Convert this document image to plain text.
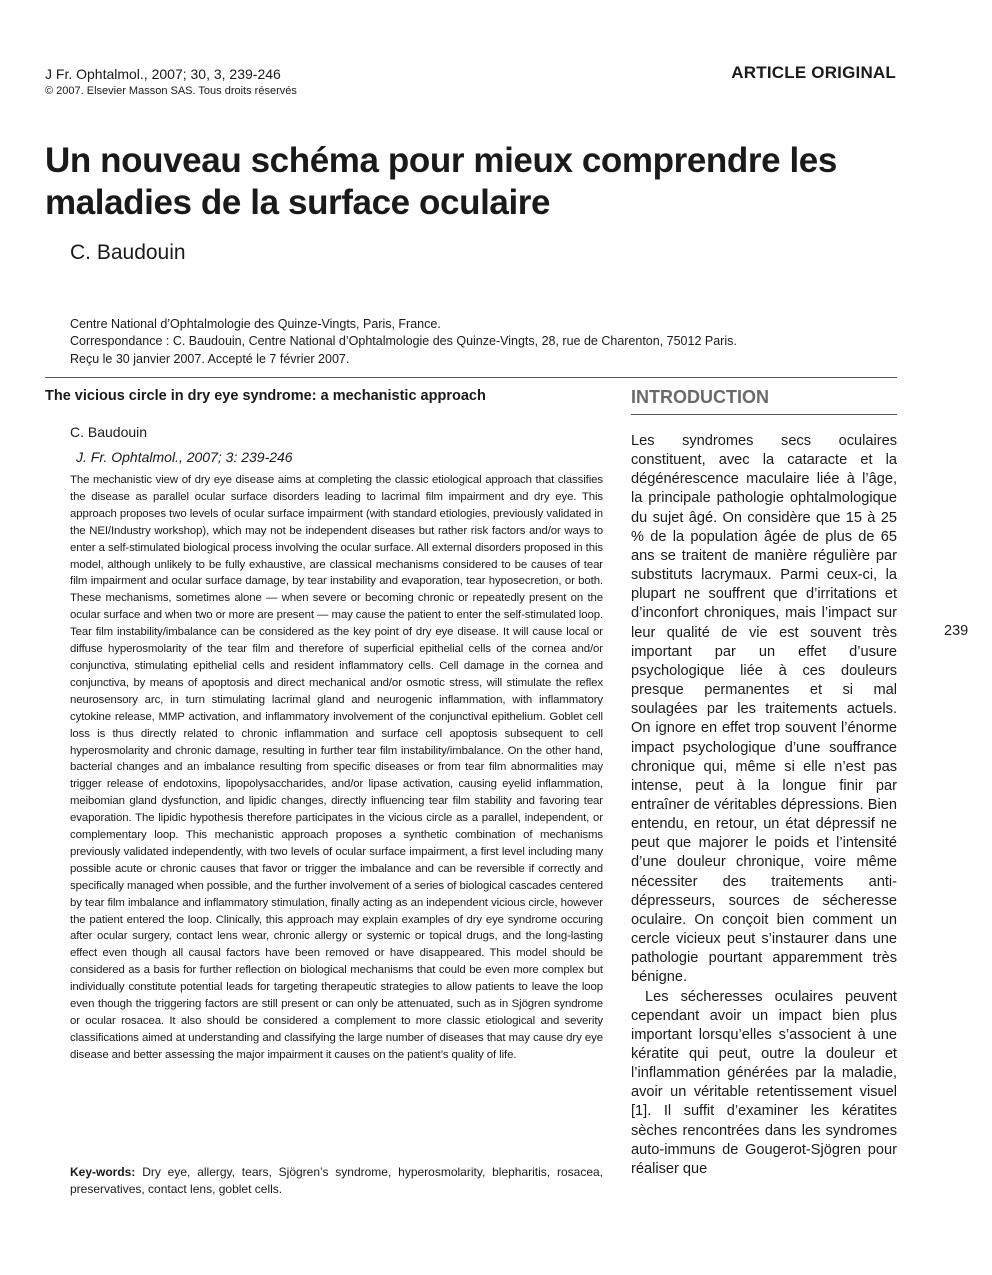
J Fr. Ophtalmol., 2007; 30, 3, 239-246
© 2007. Elsevier Masson SAS. Tous droits réservés
ARTICLE ORIGINAL
Un nouveau schéma pour mieux comprendre les maladies de la surface oculaire
C. Baudouin
Centre National d’Ophtalmologie des Quinze-Vingts, Paris, France.
Correspondance : C. Baudouin, Centre National d’Ophtalmologie des Quinze-Vingts, 28, rue de Charenton, 75012 Paris.
Reçu le 30 janvier 2007. Accepté le 7 février 2007.
The vicious circle in dry eye syndrome: a mechanistic approach
C. Baudouin
J. Fr. Ophtalmol., 2007; 3: 239-246

The mechanistic view of dry eye disease aims at completing the classic etiological approach that classifies the disease as parallel ocular surface disorders leading to lacrimal film impairment and dry eye. This approach proposes two levels of ocular surface impairment (with standard etiologies, previously validated in the NEI/Industry workshop), which may not be independent diseases but rather risk factors and/or ways to enter a self-stimulated biological process involving the ocular surface. All external disorders proposed in this model, although unlikely to be fully exhaustive, are classical mechanisms considered to be causes of tear film impairment and ocular surface damage, by tear instability and evaporation, tear hyposecretion, or both. These mechanisms, sometimes alone — when severe or becoming chronic or repeatedly present on the ocular surface and when two or more are present — may cause the patient to enter the self-stimulated loop. Tear film instability/imbalance can be considered as the key point of dry eye disease. It will cause local or diffuse hyperosmolarity of the tear film and therefore of superficial epithelial cells of the cornea and/or conjunctiva, stimulating epithelial cells and resident inflammatory cells. Cell damage in the cornea and conjunctiva, by means of apoptosis and direct mechanical and/or osmotic stress, will stimulate the reflex neurosensory arc, in turn stimulating lacrimal gland and neurogenic inflammation, with inflammatory cytokine release, MMP activation, and inflammatory involvement of the conjunctival epithelium. Goblet cell loss is thus directly related to chronic inflammation and surface cell apoptosis subsequent to cell hyperosmolarity and chronic damage, resulting in further tear film instability/imbalance. On the other hand, bacterial changes and an imbalance resulting from specific diseases or from tear film abnormalities may trigger release of endotoxins, lipopolysaccharides, and/or lipase activation, causing eyelid inflammation, meibomian gland dysfunction, and lipidic changes, directly influencing tear film stability and favoring tear evaporation. The lipidic hypothesis therefore participates in the vicious circle as a parallel, independent, or complementary loop. This mechanistic approach proposes a synthetic combination of mechanisms previously validated independently, with two levels of ocular surface impairment, a first level including many possible acute or chronic causes that favor or trigger the imbalance and can be reversible if correctly and specifically managed when possible, and the further involvement of a series of biological cascades centered by tear film imbalance and inflammatory stimulation, finally acting as an independent vicious circle, however the patient entered the loop. Clinically, this approach may explain examples of dry eye syndrome occuring after ocular surgery, contact lens wear, chronic allergy or systemic or topical drugs, and the long-lasting effect even though all causal factors have been removed or have disappeared. This model should be considered as a basis for further reflection on biological mechanisms that could be even more complex but individually constitute potential leads for targeting therapeutic strategies to allow patients to leave the loop even though the triggering factors are still present or can only be attenuated, such as in Sjögren syndrome or ocular rosacea. It also should be considered a complement to more classic etiological and severity classifications aimed at understanding and classifying the large number of diseases that may cause dry eye disease and better assessing the major impairment it causes on the patient’s quality of life.

Key-words: Dry eye, allergy, tears, Sjögren’s syndrome, hyperosmolarity, blepharitis, rosacea, preservatives, contact lens, goblet cells.

INTRODUCTION

Les syndromes secs oculaires constituent, avec la cataracte et la dégénérescence maculaire liée à l’âge, la principale pathologie ophtalmologique du sujet âgé. On considère que 15 à 25 % de la population âgée de plus de 65 ans se traitent de manière régulière par substituts lacrymaux. Parmi ceux-ci, la plupart ne souffrent que d’irritations et d’inconfort chroniques, mais l’impact sur leur qualité de vie est souvent très important par un effet d’usure psychologique liée à ces douleurs presque permanentes et si mal soulagées par les traitements actuels. On ignore en effet trop souvent l’énorme impact psychologique d’une souffrance chronique qui, même si elle n’est pas intense, peut à la longue finir par entraîner de véritables dépressions. Bien entendu, en retour, un état dépressif ne peut que majorer le poids et l’intensité d’une douleur chronique, voire même nécessiter des traitements anti-dépresseurs, sources de sécheresse oculaire. On conçoit bien comment un cercle vicieux peut s’instaurer dans une pathologie pourtant apparemment très bénigne.

Les sécheresses oculaires peuvent cependant avoir un impact bien plus important lorsqu’elles s’associent à une kératite qui peut, outre la douleur et l’inflammation générées par la maladie, avoir un véritable retentissement visuel [1]. Il suffit d’examiner les kératites sèches rencontrées dans les syndromes auto-immuns de Gougerot-Sjögren pour réaliser que

239
